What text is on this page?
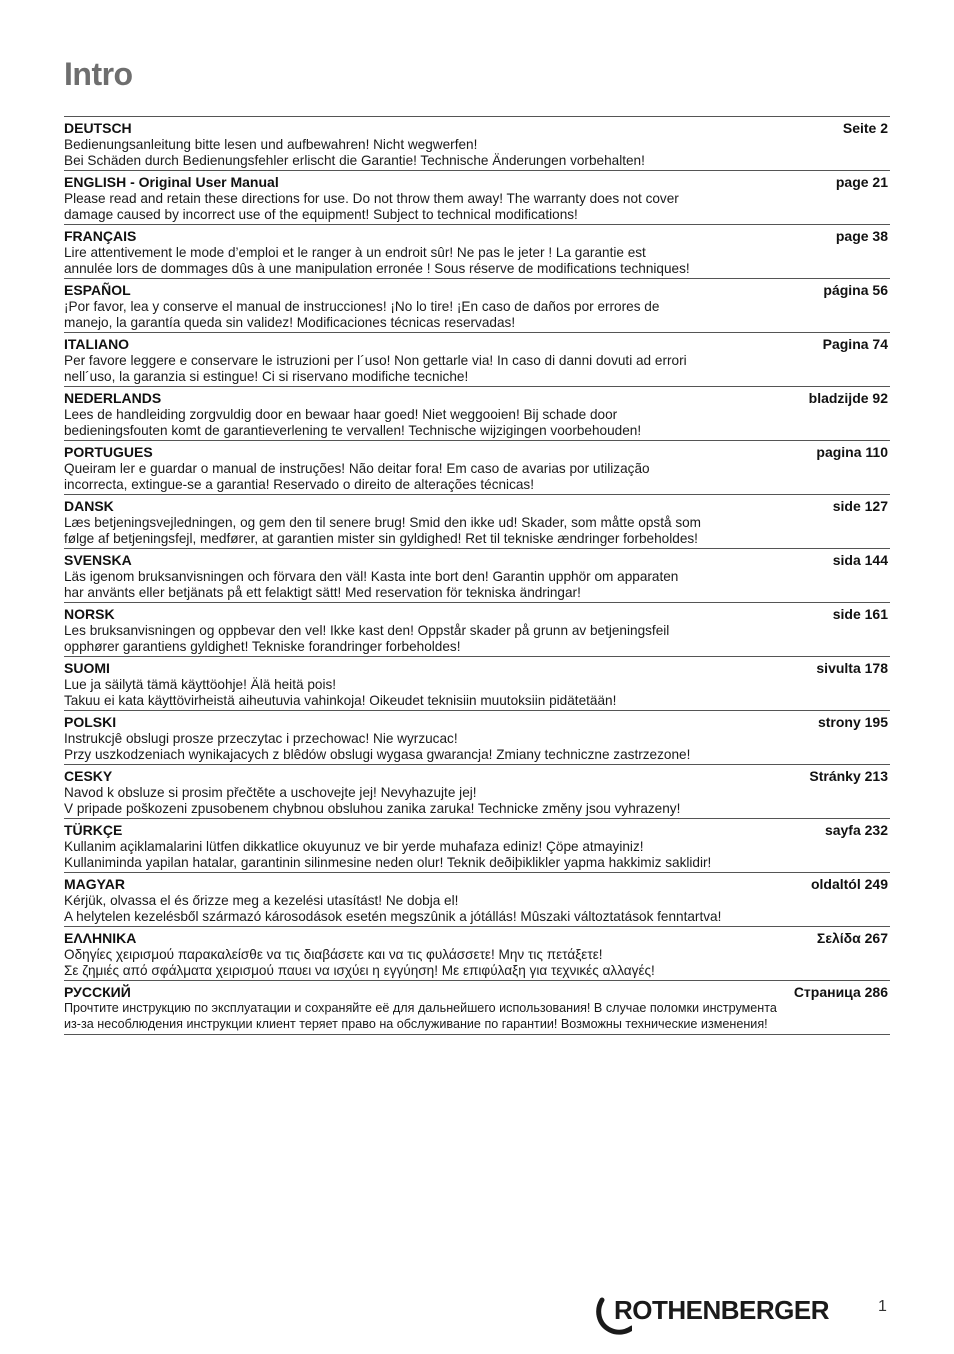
Intro
DEUTSCH	Seite 2
Bedienungsanleitung bitte lesen und aufbewahren! Nicht wegwerfen!
Bei Schäden durch Bedienungsfehler erlischt die Garantie! Technische Änderungen vorbehalten!
ENGLISH - Original User Manual	page 21
Please read and retain these directions for use. Do not throw them away! The warranty does not cover
damage caused by incorrect use of the equipment! Subject to technical modifications!
FRANÇAIS	page 38
Lire attentivement le mode d’emploi et le ranger à un endroit sûr! Ne pas le jeter ! La garantie est
annulée lors de dommages dûs à une manipulation erronée ! Sous réserve de modifications techniques!
ESPAÑOL	página 56
¡Por favor, lea y conserve el manual de instrucciones! ¡No lo tire! ¡En caso de daños por errores de
manejo, la garantía queda sin validez! Modificaciones técnicas reservadas!
ITALIANO	Pagina 74
Per favore leggere e conservare le istruzioni per l´uso! Non gettarle via! In caso di danni dovuti ad errori
nell´uso, la garanzia si estingue! Ci si riservano modifiche tecniche!
NEDERLANDS	bladzijde 92
Lees de handleiding zorgvuldig door en bewaar haar goed! Niet weggooien! Bij schade door
bedieningsfouten komt de garantieverlening te vervallen! Technische wijzigingen voorbehouden!
PORTUGUES	pagina 110
Queiram ler e guardar o manual de instruções! Não deitar fora! Em caso de avarias por utilização
incorrecta, extingue-se a garantia! Reservado o direito de alterações técnicas!
DANSK	side 127
Læs betjeningsvejledningen, og gem den til senere brug! Smid den ikke ud! Skader, som måtte opstå som
følge af betjeningsfejl, medfører, at garantien mister sin gyldighed! Ret til tekniske ændringer forbeholdes!
SVENSKA	sida 144
Läs igenom bruksanvisningen och förvara den väl! Kasta inte bort den! Garantin upphör om apparaten
har använts eller betjänats på ett felaktigt sätt! Med reservation för tekniska ändringar!
NORSK	side 161
Les bruksanvisningen og oppbevar den vel! Ikke kast den! Oppstår skader på grunn av betjeningsfeil
opphører garantiens gyldighet! Tekniske forandringer forbeholdes!
SUOMI	sivulta 178
Lue ja säilytä tämä käyttöohje! Älä heitä pois!
Takuu ei kata käyttövirheistä aiheutuvia vahinkoja! Oikeudet teknisiin muutoksiin pidätetään!
POLSKI	strony 195
Instrukcjê obslugi prosze przeczytac i przechowac! Nie wyrzucac!
Przy uszkodzeniach wynikajacych z blêdów obslugi wygasa gwarancja! Zmiany techniczne zastrzezone!
CESKY	Stránky 213
Navod k obsluze si prosim přečtěte a uschovejte jej! Nevyhazujte jej!
V pripade poškozeni zpusobenem chybnou obsluhou zanika zaruka! Technicke změny jsou vyhrazeny!
TÜRKÇE	sayfa 232
Kullanim açiklamalarini lütfen dikkatlice okuyunuz ve bir yerde muhafaza ediniz! Çöpe atmayiniz!
Kullaniminda yapilan hatalar, garantinin silinmesine neden olur! Teknik deðiþiklikler yapma hakkimiz saklidir!
MAGYAR	oldaltól 249
Kérjük, olvassa el és őrizze meg a kezelési utasítást! Ne dobja el!
A helytelen kezelésből származó károsodások esetén megszûnik a jótállás! Mûszaki változtatások fenntartva!
ΕΛΛΗΝΙΚΑ	Σελίδα 267
Οδηγίες χειρισμού παρακαλείσθε να τις διαβάσετε και να τις φυλάσσετε! Μην τις πετάξετε!
Σε ζημιές από σφάλματα χειρισμού παυει να ισχύει η εγγύηση! Με επιφύλαξη για τεχνικές αλλαγές!
РУССКИЙ	Страница 286
Прочтите инструкцию по эксплуатации и сохраняйте её для дальнейшего использования! В случае поломки инструмента
из-за несоблюдения инструкции клиент теряет право на обслуживание по гарантии! Возможны технические изменения!
ROTHENBERGER	1
